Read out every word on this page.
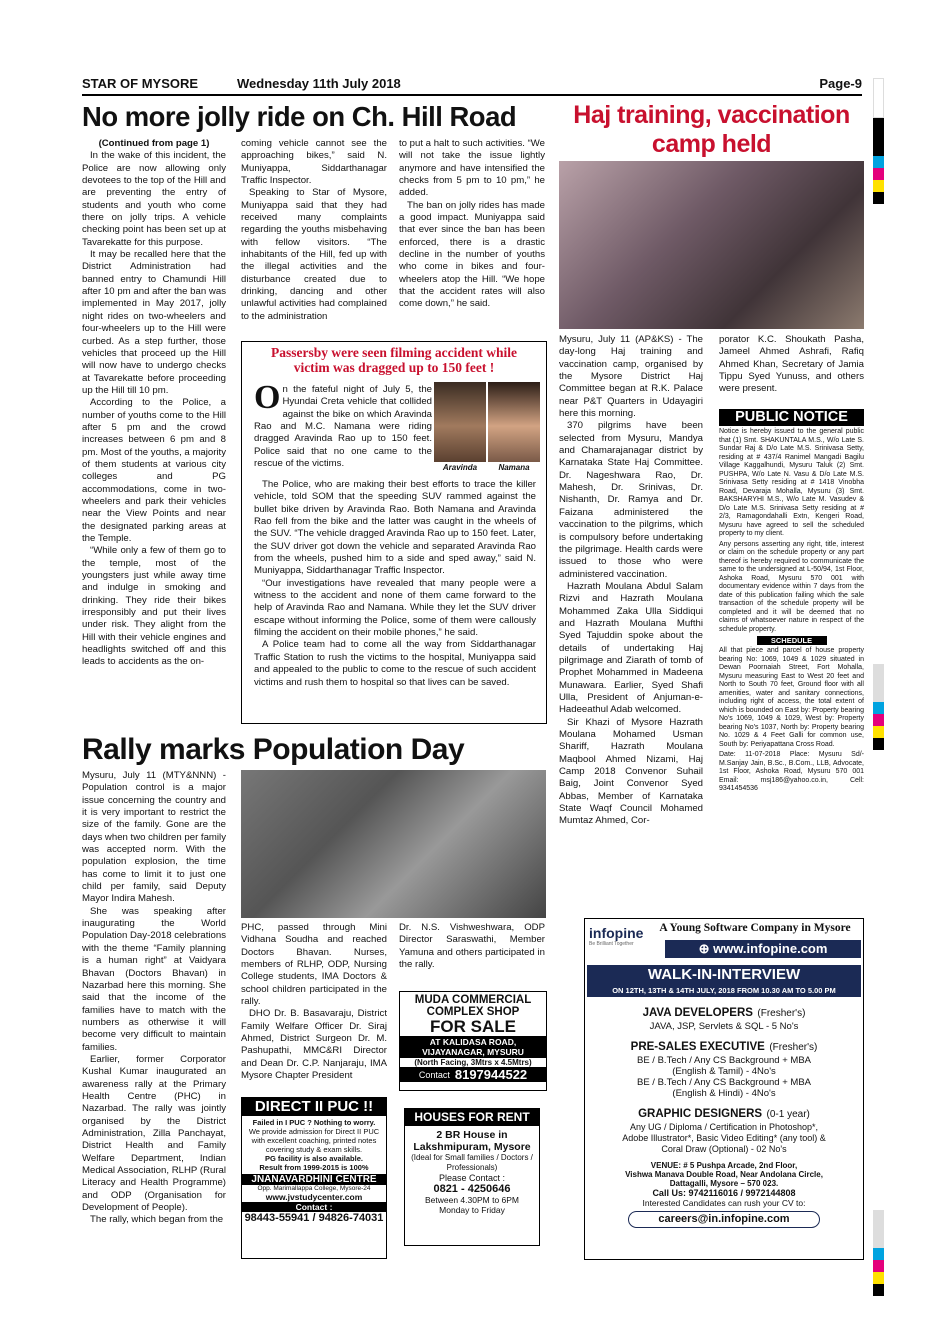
STAR OF MYSORE	Wednesday 11th July 2018	Page-9
No more jolly ride on Ch. Hill Road

(Continued from page 1)

In the wake of this incident, the Police are now allowing only devotees to the top of the Hill and are preventing the entry of students and youth who come there on jolly trips. A vehicle checking point has been set up at Tavarekatte for this purpose.

It may be recalled here that the District Administration had banned entry to Chamundi Hill after 10 pm and after the ban was implemented in May 2017, jolly night rides on two-wheelers and four-wheelers up to the Hill were curbed. As a step further, those vehicles that proceed up the Hill will now have to undergo checks at Tavarekatte before proceeding up the Hill till 10 pm.

According to the Police, a number of youths come to the Hill after 5 pm and the crowd increases between 6 pm and 8 pm. Most of the youths, a majority of them students at various city colleges and PG accommodations, come in two-wheelers and park their vehicles near the View Points and near the designated parking areas at the Temple.

“While only a few of them go to the temple, most of the youngsters just while away time and indulge in smoking and drinking. They ride their bikes irresponsibly and put their lives under risk. They alight from the Hill with their vehicle engines and headlights switched off and this leads to accidents as the on-

coming vehicle cannot see the approaching bikes,” said N. Muniyappa, Siddarthanagar Traffic Inspector.

Speaking to Star of Mysore, Muniyappa said that they had received many complaints regarding the youths misbehaving with fellow visitors. “The inhabitants of the Hill, fed up with the illegal activities and the disturbance created due to drinking, dancing and other unlawful activities had complained to the administration

to put a halt to such activities. “We will not take the issue lightly anymore and have intensified the checks from 5 pm to 10 pm,” he added.

The ban on jolly rides has made a good impact. Muniyappa said that ever since the ban has been enforced, there is a drastic decline in the number of youths who come in bikes and four-wheelers atop the Hill. “We hope that the accident rates will also come down,” he said.

Passersby were seen filming accident while victim was dragged up to 150 feet !
On the fateful night of July 5, the Hyundai Creta vehicle that collided against the bike on which Aravinda Rao and M.C. Namana were riding dragged Aravinda Rao up to 150 feet. Police said that no one came to the rescue of the victims.	Aravinda	Namana

The Police, who are making their best efforts to trace the killer vehicle, told SOM that the speeding SUV rammed against the bullet bike driven by Aravinda Rao. Both Namana and Aravinda Rao fell from the bike and the latter was caught in the wheels of the SUV. “The vehicle dragged Aravinda Rao up to 150 feet. Later, the SUV driver got down the vehicle and separated Aravinda Rao from the wheels, pushed him to a side and sped away,” said N. Muniyappa, Siddarthanagar Traffic Inspector.

“Our investigations have revealed that many people were a witness to the accident and none of them came forward to the help of Aravinda Rao and Namana. While they let the SUV driver escape without informing the Police, some of them were callously filming the accident on their mobile phones,” he said.

A Police team had to come all the way from Siddarthanagar Traffic Station to rush the victims to the hospital, Muniyappa said and appealed to the public to come to the rescue of such accident victims and rush them to hospital so that lives can be saved.

Haj training, vaccination camp held

Mysuru, July 11 (AP&KS) - The day-long Haj training and vaccination camp, organised by the Mysore District Haj Committee began at R.K. Palace near P&T Quarters in Udayagiri here this morning.

370 pilgrims have been selected from Mysuru, Mandya and Chamarajanagar district by Karnataka State Haj Committee. Dr. Nageshwara Rao, Dr. Mahesh, Dr. Srinivas, Dr. Nishanth, Dr. Ramya and Dr. Faizana administered the vaccination to the pilgrims, which is compulsory before undertaking the pilgrimage. Health cards were issued to those who were administered vaccination.

Hazrath Moulana Abdul Salam Rizvi and Hazrath Moulana Mohammed Zaka Ulla Siddiqui and Hazrath Moulana Mufthi Syed Tajuddin spoke about the details of undertaking Haj pilgrimage and Ziarath of tomb of Prophet Mohammed in Madeena Munawara. Earlier, Syed Shafi Ulla, President of Anjuman-e-Hadeeathul Adab welcomed.

Sir Khazi of Mysore Hazrath Moulana Mohamed Usman Shariff, Hazrath Moulana Maqbool Ahmed Nizami, Haj Camp 2018 Convenor Suhail Baig, Joint Convenor Syed Abbas, Member of Karnataka State Waqf Council Mohamed Mumtaz Ahmed, Cor-

porator K.C. Shoukath Pasha, Jameel Ahmed Ashrafi, Rafiq Ahmed Khan, Secretary of Jamia Tippu Syed Yunuss, and others were present.

PUBLIC NOTICE
Notice is hereby issued to the general public that (1) Smt. SHAKUNTALA M.S., W/o Late S. Sundar Raj & D/o Late M.S. Srinivasa Setty, residing at # 437/4 Ranimel Mangadi Bagilu Village Kaggalhundi, Mysuru Taluk (2) Smt. PUSHPA, W/o Late N. Vasu & D/o Late M.S. Srinivasa Setty residing at # 1418 Vinobha Road, Devaraja Mohalla, Mysuru (3) Smt. BAKSHARYHI M.S., W/o Late M. Vasudev & D/o Late M.S. Srinivasa Setty residing at # 2/3, Ramagondahalli Extn, Kengeri Road, Mysuru have agreed to sell the scheduled property to my client.
Any persons asserting any right, title, interest or claim on the schedule property or any part thereof is hereby required to communicate the same to the undersigned at L-50/94, 1st Floor, Ashoka Road, Mysuru 570 001 with documentary evidence within 7 days from the date of this publication failing which the sale transaction of the schedule property will be completed and it will be deemed that no claims of whatsoever nature in respect of the schedule property.
SCHEDULE
All that piece and parcel of house property bearing No: 1069, 1049 & 1029 situated in Dewan Poornaiah Street, Fort Mohalla, Mysuru measuring East to West 20 feet and North to South 70 feet, Ground floor with all amenities, water and sanitary connections, including right of access, the total extent of which is bounded on East by: Property bearing No's 1069, 1049 & 1029, West by: Property bearing No's 1037, North by: Property bearing No. 1029 & 4 Feet Galli for common use, South by: Periyapattana Cross Road.
Date: 11-07-2018 Place: Mysuru Sd/- M.Sanjay Jain, B.Sc., B.Com., LLB, Advocate, 1st Floor, Ashoka Road, Mysuru 570 001 Email: msj186@yahoo.co.in, Cell: 9341454536
Rally marks Population Day

Mysuru, July 11 (MTY&NNN) - Population control is a major issue concerning the country and it is very important to restrict the size of the family. Gone are the days when two children per family was accepted norm. With the population explosion, the time has come to limit it to just one child per family, said Deputy Mayor Indira Mahesh.

She was speaking after inaugurating the World Population Day-2018 celebrations with the theme “Family planning is a human right” at Vaidyara Bhavan (Doctors Bhavan) in Nazarbad here this morning. She said that the income of the families have to match with the numbers as otherwise it will become very difficult to maintain families.

Earlier, former Corporator Kushal Kumar inaugurated an awareness rally at the Primary Health Centre (PHC) in Nazarbad. The rally was jointly organised by the District Administration, Zilla Panchayat, District Health and Family Welfare Department, Indian Medical Association, RLHP (Rural Literacy and Health Programme) and ODP (Organisation for Development of People).

The rally, which began from the

PHC, passed through Mini Vidhana Soudha and reached Doctors Bhavan. Nurses, members of RLHP, ODP, Nursing College students, IMA Doctors & school children participated in the rally.

DHO Dr. B. Basavaraju, District Family Welfare Officer Dr. Siraj Ahmed, District Surgeon Dr. M. Pashupathi, MMC&RI Director and Dean Dr. C.P. Nanjaraju, IMA Mysore Chapter President

Dr. N.S. Vishweshwara, ODP Director Saraswathi, Member Yamuna and others participated in the rally.

DIRECT II PUC !!
Failed in I PUC ? Nothing to worry.
We provide admission for Direct II PUC with excellent coaching, printed notes covering study & exam skills.
PG facility is also available.
Result from 1999-2015 is 100%
JNANAVARDHINI CENTRE
Opp. Marimallappa College, Mysore-24
www.jvstudycenter.com
Contact :
98443-55941 / 94826-74031
MUDA COMMERCIAL COMPLEX SHOP
FOR SALE
AT KALIDASA ROAD, VIJAYANAGAR, MYSURU
(North Facing, 3Mtrs x 4.5Mtrs)
Contact 8197944522
HOUSES FOR RENT
2 BR House in
Lakshmipuram, Mysore
(Ideal for Small families / Doctors / Professionals)
Please Contact :
0821 - 4250646
Between 4.30PM to 6PM
Monday to Friday
infopine
Be Brilliant Together
A Young Software Company in Mysore
⊕ www.infopine.com
WALK-IN-INTERVIEW
ON 12TH, 13TH & 14TH JULY, 2018 FROM 10.30 AM TO 5.00 PM
JAVA DEVELOPERS (Fresher's)
JAVA, JSP, Servlets & SQL - 5 No's
PRE-SALES EXECUTIVE (Fresher's)
BE / B.Tech / Any CS Background + MBA
(English & Tamil) - 4No's
BE / B.Tech / Any CS Background + MBA
(English & Hindi) - 4No's
GRAPHIC DESIGNERS (0-1 year)
Any UG / Diploma / Certification in Photoshop*,
Adobe Illustrator*, Basic Video Editing* (any tool) &
Coral Draw (Optional) - 02 No's
VENUE: # 5 Pushpa Arcade, 2nd Floor,
Vishwa Manava Double Road, Near Andolana Circle,
Dattagalli, Mysore – 570 023.
Call Us: 9742116016 / 9972144808
Interested Candidates can rush your CV to:
careers@in.infopine.com
